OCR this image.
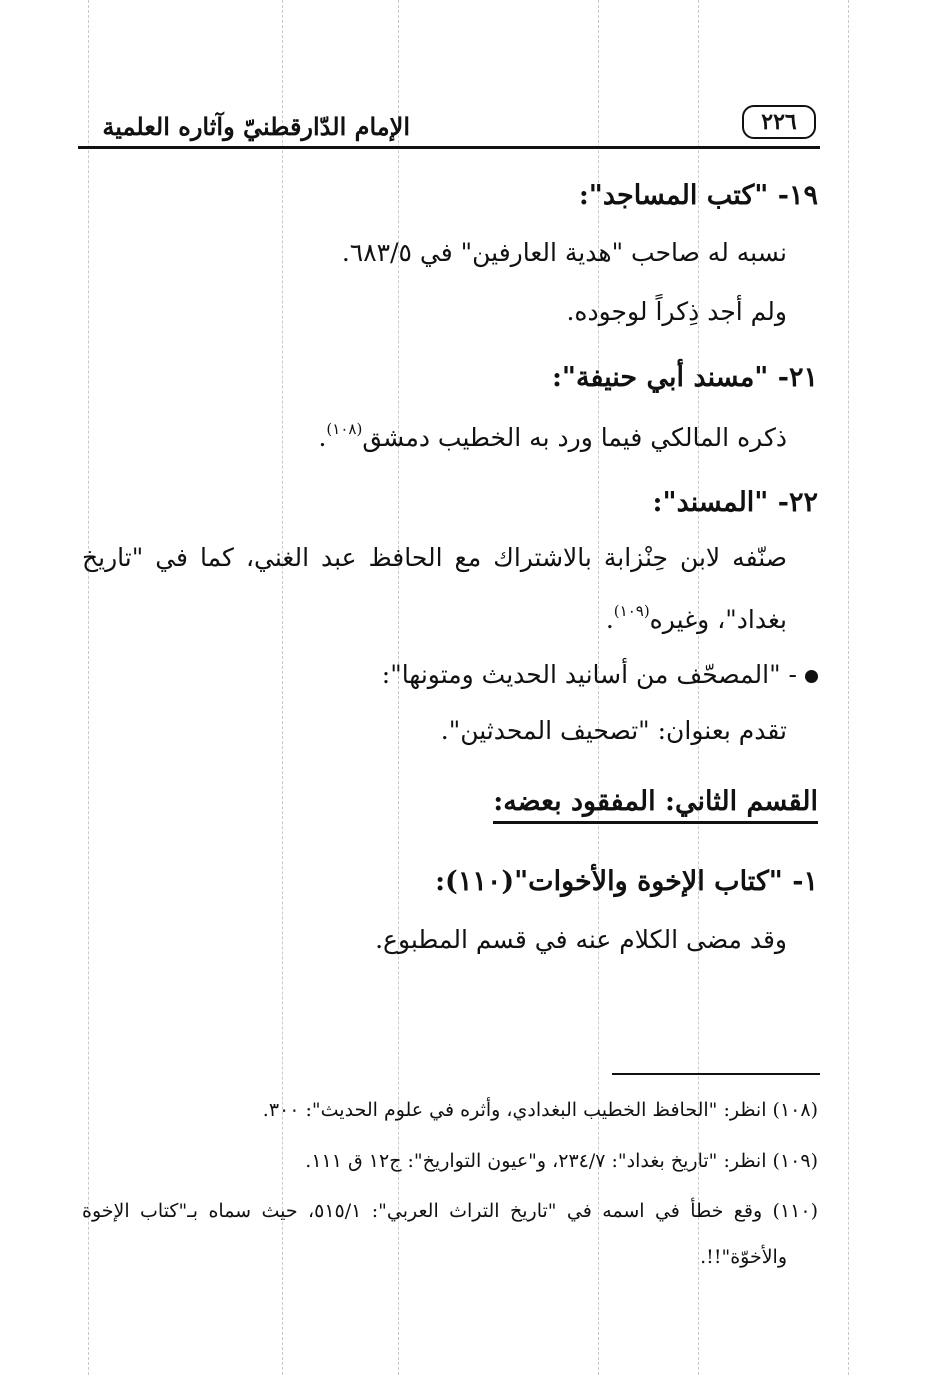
الإمام الدّارقطنيّ وآثاره العلمية	٢٢٦
١٩- "كتب المساجد":
نسبه له صاحب "هدية العارفين" في ٦٨٣/٥.
ولم أجد ذِكراً لوجوده.
٢١- "مسند أبي حنيفة":
ذكره المالكي فيما ورد به الخطيب دمشق$^{(١٠٨)}$.
٢٢- "المسند":
صنّفه لابن حِنْزابة بالاشتراك مع الحافظ عبد الغني، كما في "تاريخ
بغداد"، وغيره$^{(١٠٩)}$.
- "المصحّف من أسانيد الحديث ومتونها":
تقدم بعنوان: "تصحيف المحدثين".
القسم الثاني: المفقود بعضه:
١- "كتاب الإخوة والأخوات"(١١٠):
وقد مضى الكلام عنه في قسم المطبوع.
(١٠٨) انظر: "الحافظ الخطيب البغدادي، وأثره في علوم الحديث": ٣٠٠.
(١٠٩) انظر: "تاريخ بغداد": ٢٣٤/٧، و"عيون التواريخ": ج١٢ ق ١١١.
(١١٠) وقع خطأ في اسمه في "تاريخ التراث العربي": ٥١٥/١، حيث سماه بـ"كتاب الإخوة
والأخوّة"!!.
